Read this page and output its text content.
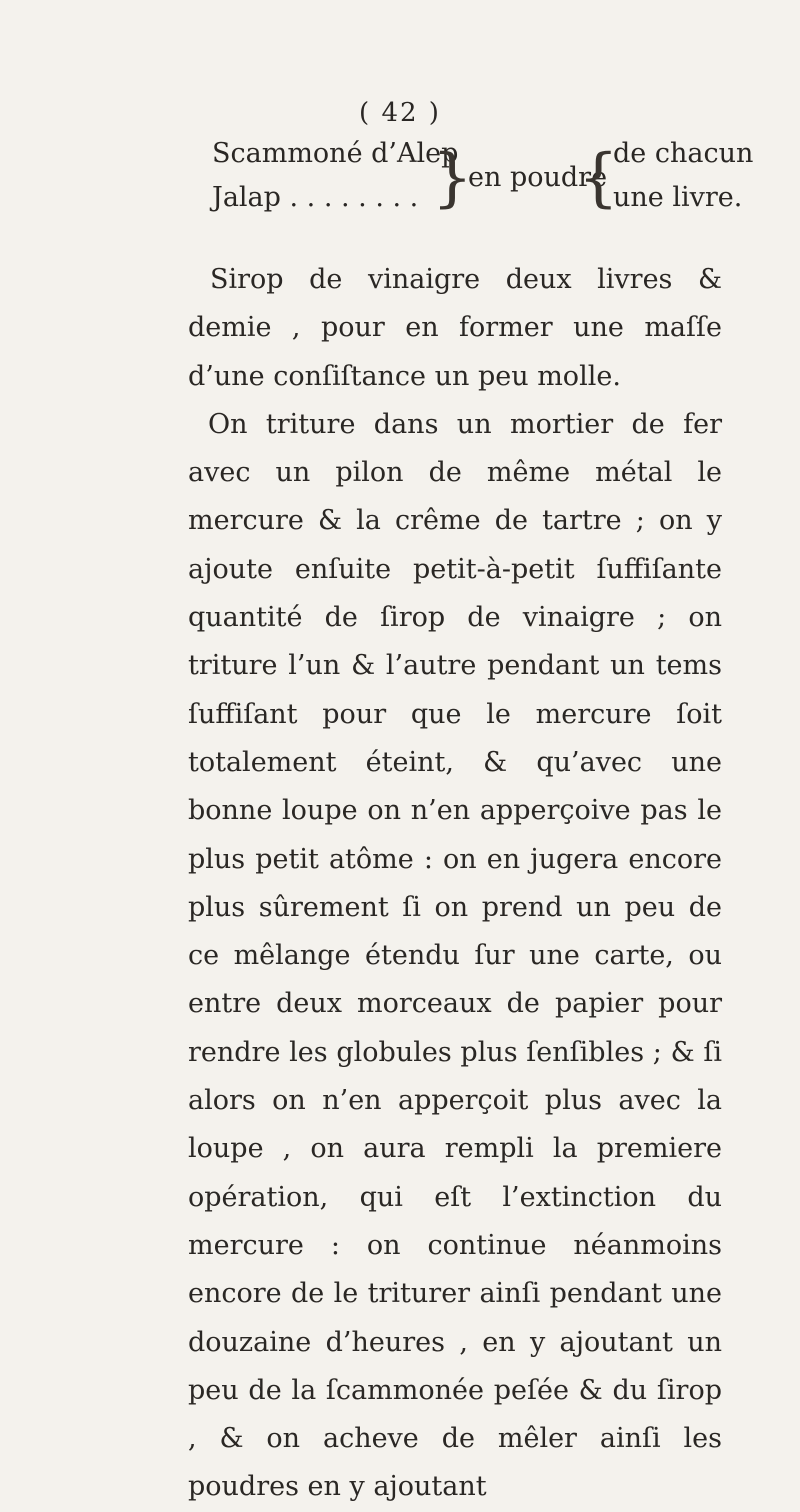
( 42 )
Scammoné d’Alep
Jalap . . . . . . . . }
en poudre
{
de chacun
une livre.

Sirop de vinaigre deux livres & demie , pour en former une maſſe d’une conſiſtance un peu molle.

On triture dans un mortier de fer avec un pilon de même métal le mercure & la crême de tartre ; on y ajoute enſuite petit-à-petit ſuffiſante quantité de ſirop de vinaigre ; on triture l’un & l’autre pendant un tems ſuffiſant pour que le mercure ſoit totalement éteint, & qu’avec une bonne loupe on n’en apperçoive pas le plus petit atôme : on en jugera encore plus sûrement ſi on prend un peu de ce mêlange étendu ſur une carte, ou entre deux morceaux de papier pour rendre les globules plus ſenſibles ; & ſi alors on n’en apperçoit plus avec la loupe , on aura rempli la premiere opération, qui eſt l’extinction du mercure : on continue néanmoins encore de le triturer ainſi pendant une douzaine d’heures , en y ajoutant un peu de la ſcammonée peſée & du ſirop , & on acheve de mêler ainſi les poudres en y ajoutant
